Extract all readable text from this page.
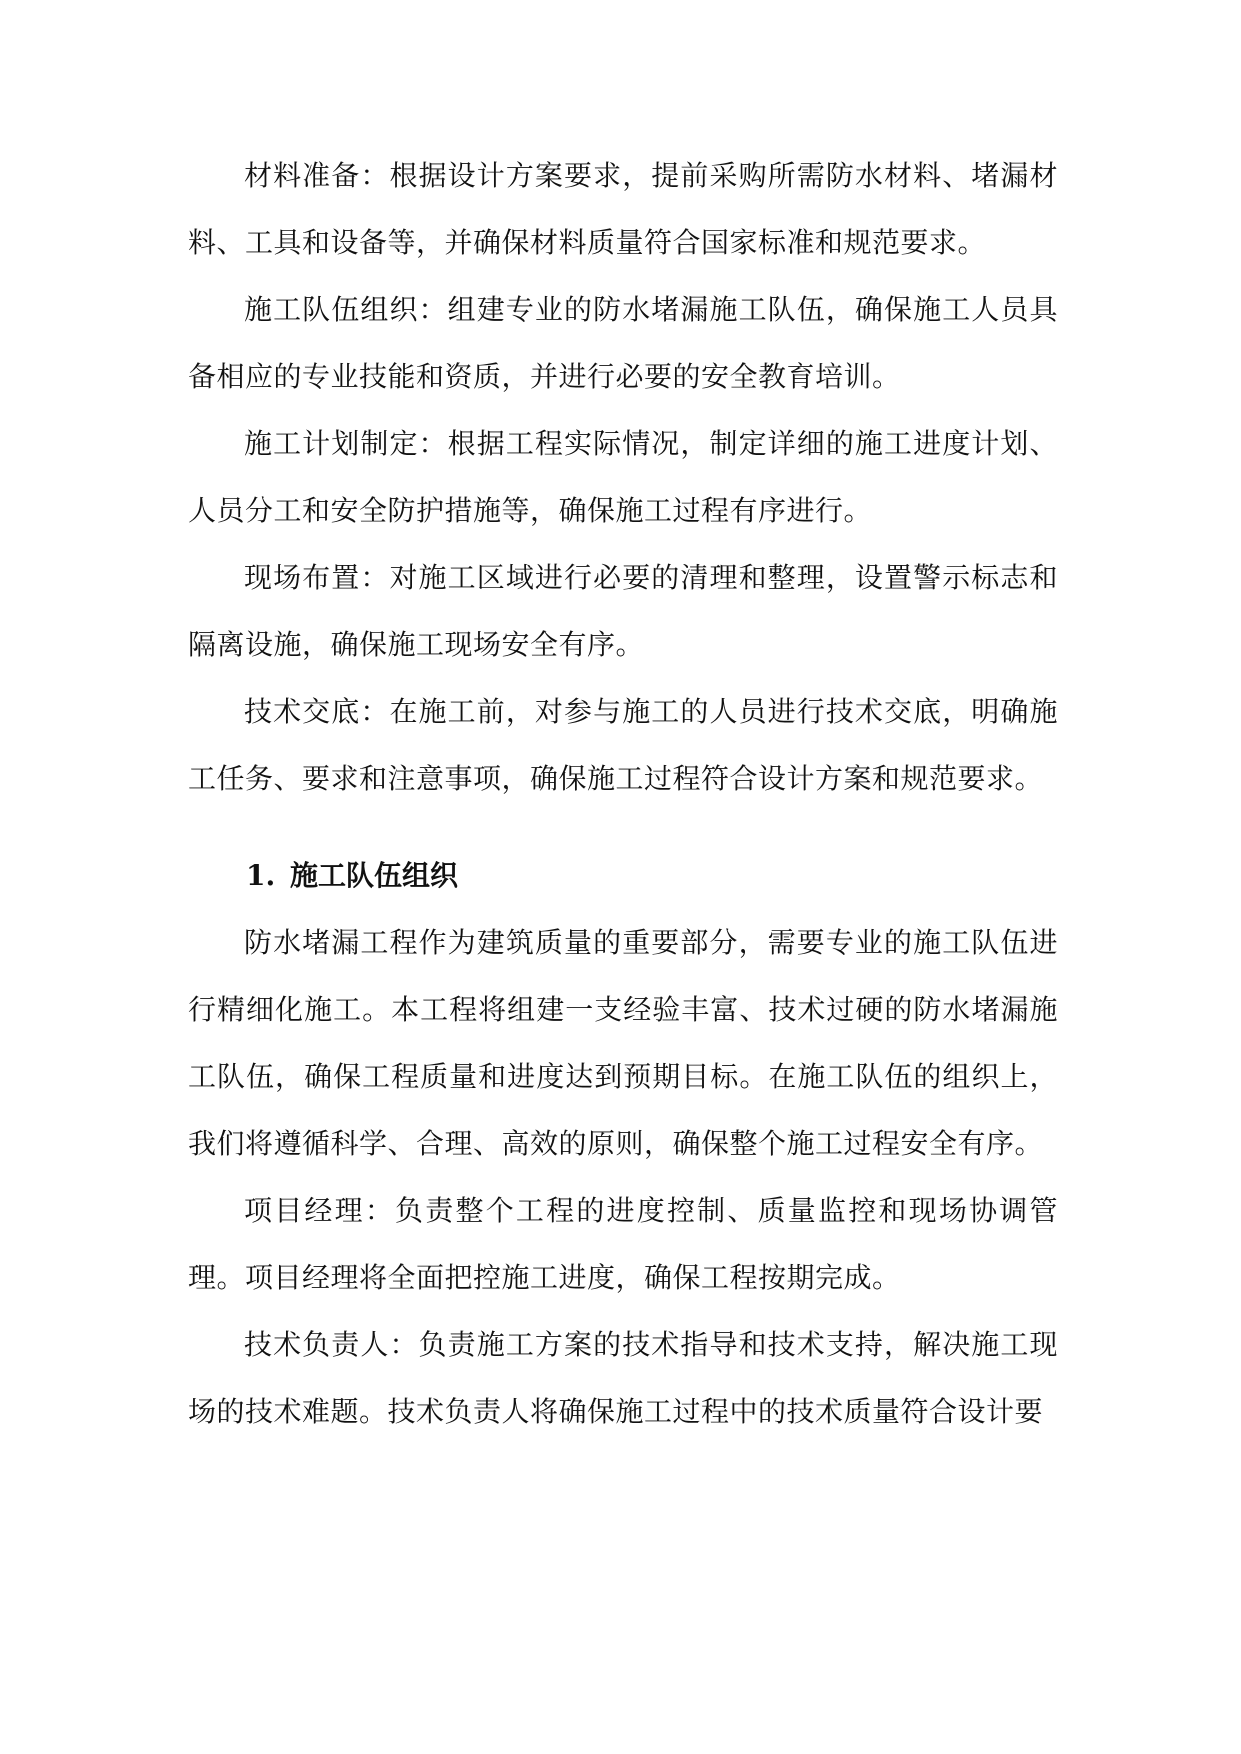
材料准备：根据设计方案要求，提前采购所需防水材料、堵漏材料、工具和设备等，并确保材料质量符合国家标准和规范要求。

施工队伍组织：组建专业的防水堵漏施工队伍，确保施工人员具备相应的专业技能和资质，并进行必要的安全教育培训。

施工计划制定：根据工程实际情况，制定详细的施工进度计划、人员分工和安全防护措施等，确保施工过程有序进行。

现场布置：对施工区域进行必要的清理和整理，设置警示标志和隔离设施，确保施工现场安全有序。

技术交底：在施工前，对参与施工的人员进行技术交底，明确施工任务、要求和注意事项，确保施工过程符合设计方案和规范要求。

1. 施工队伍组织

防水堵漏工程作为建筑质量的重要部分，需要专业的施工队伍进行精细化施工。本工程将组建一支经验丰富、技术过硬的防水堵漏施工队伍，确保工程质量和进度达到预期目标。在施工队伍的组织上，我们将遵循科学、合理、高效的原则，确保整个施工过程安全有序。

项目经理：负责整个工程的进度控制、质量监控和现场协调管理。项目经理将全面把控施工进度，确保工程按期完成。

技术负责人：负责施工方案的技术指导和技术支持，解决施工现场的技术难题。技术负责人将确保施工过程中的技术质量符合设计要
